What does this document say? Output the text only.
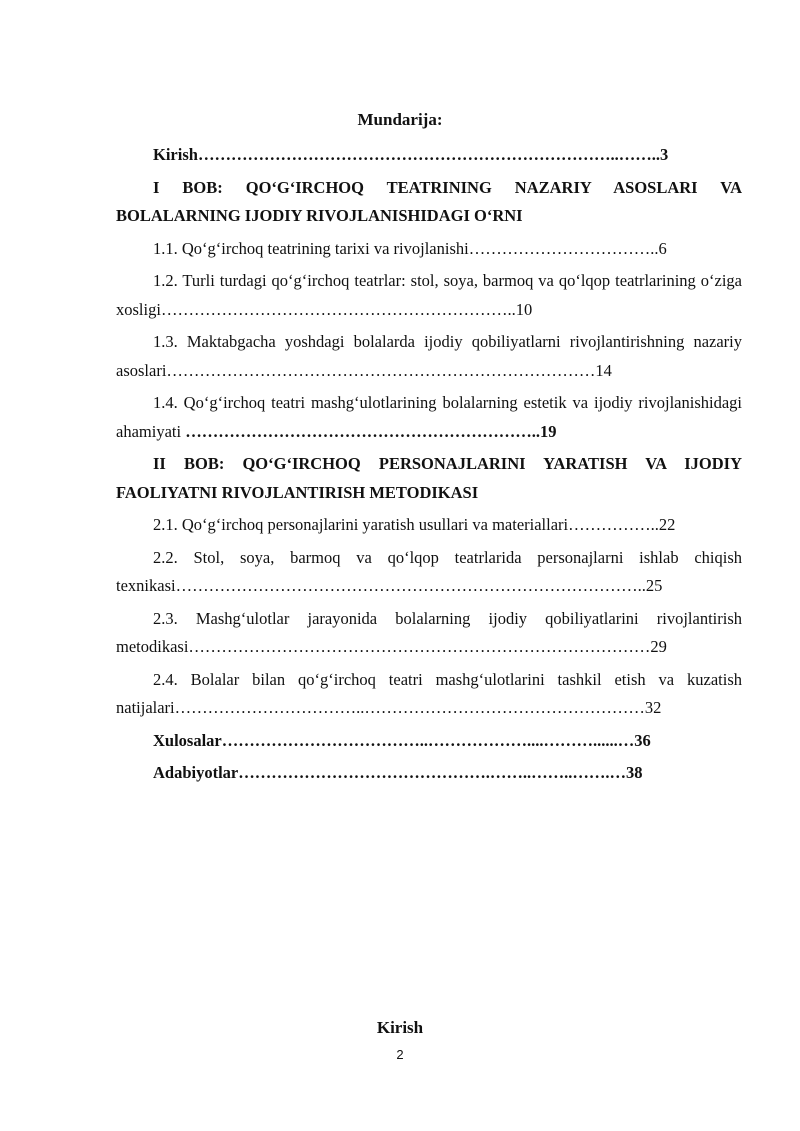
Mundarija:
Kirish…………………………………………………………………..……..3
I BOB: QO‘G‘IRCHOQ TEATRINING NAZARIY ASOSLARI VA BOLALARNING IJODIY RIVOJLANISHIDAGI O‘RNI
1.1. Qo‘g‘irchoq teatrining tarixi va rivojlanishi……………………………..6
1.2. Turli turdagi qo‘g‘irchoq teatrlar: stol, soya, barmoq va qo‘lqop teatrlarining o‘ziga xosligi………………………………………………………..10
1.3. Maktabgacha yoshdagi bolalarda ijodiy qobiliyatlarni rivojlantirishning nazariy asoslari……………………………………………………………………14
1.4. Qo‘g‘irchoq teatri mashg‘ulotlarining bolalarning estetik va ijodiy rivojlanishidagi ahamiyati ………………………………………………………..19
II BOB: QO‘G‘IRCHOQ PERSONAJLARINI YARATISH VA IJODIY FAOLIYATNI RIVOJLANTIRISH METODIKASI
2.1. Qo‘g‘irchoq personajlarini yaratish usullari va materiallari……………..22
2.2. Stol, soya, barmoq va qo‘lqop teatrlarida personajlarni ishlab chiqish texnikasi…………………………………………………………………………..25
2.3. Mashg‘ulotlar jarayonida bolalarning ijodiy qobiliyatlarini rivojlantirish metodikasi…………………………………………………………………………29
2.4. Bolalar bilan qo‘g‘irchoq teatri mashg‘ulotlarini tashkil etish va kuzatish natijalari……………………………..……………………………………………32
Xulosalar………………………………..………………....………......…36
Adabiyotlar……………………………………….……..……..…….…38
Kirish
2
